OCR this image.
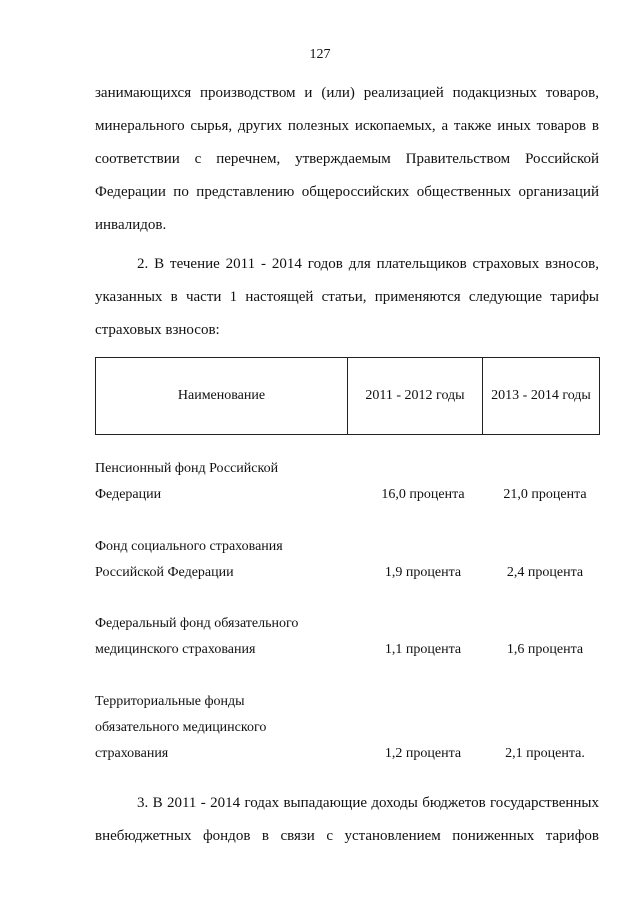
127

занимающихся производством и (или) реализацией подакцизных товаров,
минерального сырья, других полезных ископаемых, а также иных товаров в
соответствии с перечнем, утверждаемым Правительством Российской
Федерации по представлению общероссийских общественных организаций
инвалидов.

2. В течение 2011 - 2014 годов для плательщиков страховых взносов,
указанных в части 1 настоящей статьи, применяются следующие тарифы
страховых взносов:

Наименование	2011 - 2012 годы	2013 - 2014 годы
Пенсионный фонд Российской
Федерации	16,0 процента	21,0 процента
Фонд социального страхования
Российской Федерации	1,9 процента	2,4 процента
Федеральный фонд обязательного
медицинского страхования	1,1 процента	1,6 процента
Территориальные фонды
обязательного медицинского
страхования	1,2 процента	2,1 процента.

3. В 2011 - 2014 годах выпадающие доходы бюджетов государственных
внебюджетных фондов в связи с установлением пониженных тарифов
